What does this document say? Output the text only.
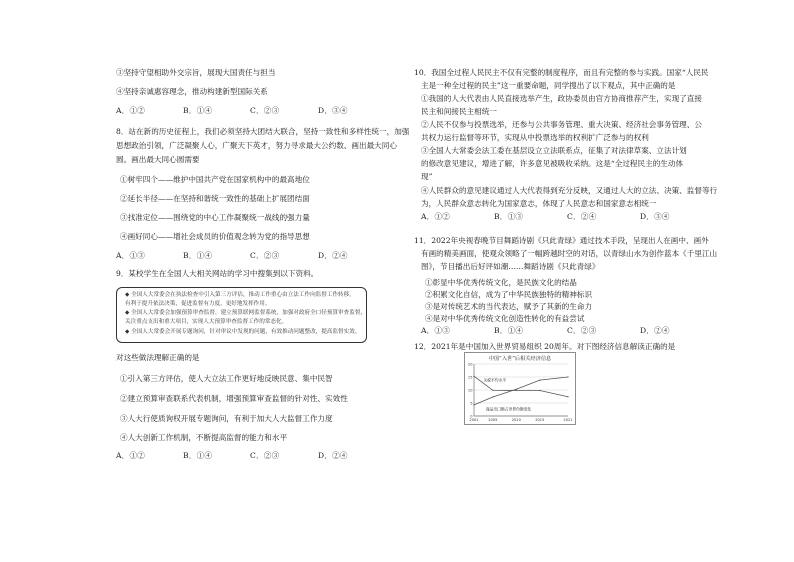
③坚持守望相助外交宗旨，展现大国责任与担当
④坚持亲诚惠容理念，推动构建新型国际关系
A．①②	B．①④	C．②③	D．③④
8．站在新的历史征程上，我们必须坚持大团结大联合，坚持一致性和多样性统一，加强
思想政治引领，广泛凝聚人心，广聚天下英才，努力寻求最大公约数、画出最大同心
圆。画出最大同心圆需要
①树牢四个——维护中国共产党在国家机构中的最高地位
②延长半径——在坚持和谐统一致性的基础上扩展团结面
③找准定位——围绕党的中心工作凝聚统一战线的强力量
④画好同心——增社会成员的价值观念转为党的指导思想
A．①③	B．①④	C．②③	D．②④
9．某校学生在全国人大相关网站的学习中搜集到以下资料。
◆ 全国人大常委会在执法检查中引入第三方评估，推动工作重心由立法工作向监督工作转移，
有利于提升依法决策，促进监督有力度，更好地发挥作用。
◆ 全国人大常委会加强预算审查监督，建立预算联网监督系统，加强对政府全口径预算审查监督，
关注重点支出和重大项目，实现人大预算审查监督工作的常态化。
◆ 全国人大常委会开展专题询问，针对审议中发现的问题，有效推动问题整改，提高监督实效。
对这些做法理解正确的是
①引入第三方评估，使人大立法工作更好地反映民意、集中民智
②建立预算审查联系代表机制，增强预算审查监督的针对性、实效性
③人大行使质询权开展专题询问，有利于加大人大监督工作力度
④人大创新工作机制，不断提高监督的能力和水平
A．①②	B．①④	C．②③	D．②④
10．我国全过程人民民主不仅有完整的制度程序，而且有完整的参与实践。国家“人民民
主是一种全过程的民主”这一重要命题，同学搜出了以下观点，其中正确的是
①我国的人大代表由人民直接选举产生，政协委员由官方协商推荐产生，实现了直接
民主和间接民主相统一
②人民不仅参与投票选举，还参与公共事务管理、重大决策、经济社会事务管理、公
共权力运行监督等环节，实现从中投票选举的权利扩广泛参与的权利
③全国人大常委会法工委在基层设立立法联系点，征集了对法律草案、立法计划
的修改意见建议，增进了解，许多意见被吸收采纳。这是“全过程民主的生动体
现”
④人民群众的意见建议通过人大代表得到充分反映，又通过人大的立法、决策、监督等行
为，人民群众意志转化为国家意志，体现了人民意志和国家意志相统一
A．①②	B．①③	C．②④	D．③④
11．2022年央视春晚节目舞蹈诗剧《只此青绿》通过技术手段，呈现出人在画中、画外
有画的精美画面，使观众领略了一幅跨越时空的对话，以青绿山水为创作蓝本《千里江山
图》，节目播出后好评如潮……舞蹈诗剧《只此青绿》
①彰显中华优秀传统文化，是民族文化的结晶
②积累文化自信，成为了中华民族独特的精神标识
③是对传统艺术的当代表达，赋予了其新的生命力
④是对中华优秀传统文化创造性转化的有益尝试
A．①③	B．①④	C．②③	D．②④
12．2021年是中国加入世界贸易组织 20周年。对下图经济信息解读正确的是
中国“入世”后相关经济信息
0
5
10
15
20
2001	2005	2010	2015	2021
关税平均水平
商品出口额占世界份额变化
